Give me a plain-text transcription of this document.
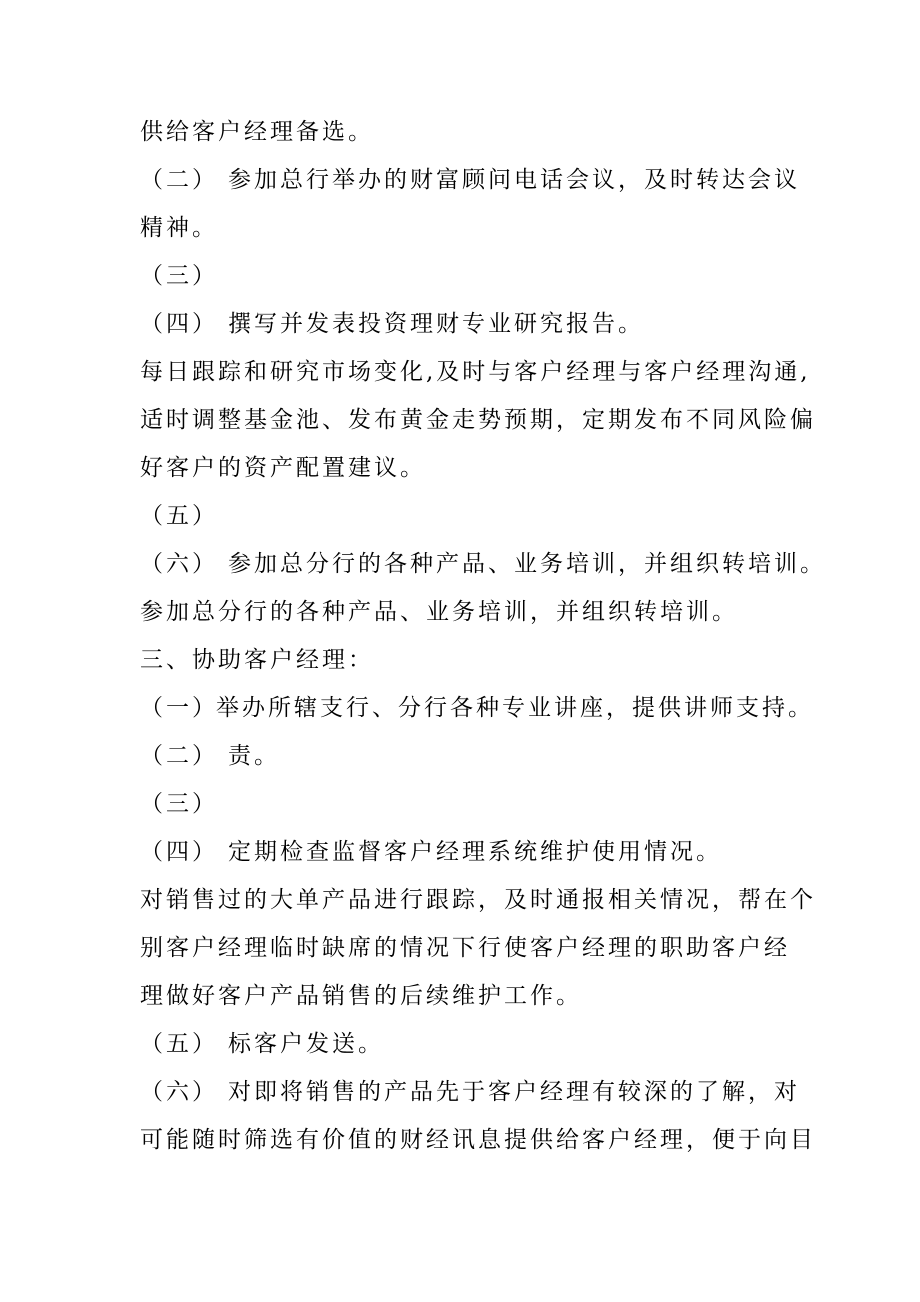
供给客户经理备选。
（二） 参加总行举办的财富顾问电话会议，及时转达会议
精神。
（三）
（四） 撰写并发表投资理财专业研究报告。
每日跟踪和研究市场变化,及时与客户经理与客户经理沟通,
适时调整基金池、发布黄金走势预期，定期发布不同风险偏
好客户的资产配置建议。
（五）
（六） 参加总分行的各种产品、业务培训，并组织转培训。
参加总分行的各种产品、业务培训，并组织转培训。
三、协助客户经理：
（一）举办所辖支行、分行各种专业讲座，提供讲师支持。
（二） 责。
（三）
（四） 定期检查监督客户经理系统维护使用情况。
对销售过的大单产品进行跟踪，及时通报相关情况，帮在个
别客户经理临时缺席的情况下行使客户经理的职助客户经
理做好客户产品销售的后续维护工作。
（五） 标客户发送。
（六） 对即将销售的产品先于客户经理有较深的了解，对
可能随时筛选有价值的财经讯息提供给客户经理，便于向目
